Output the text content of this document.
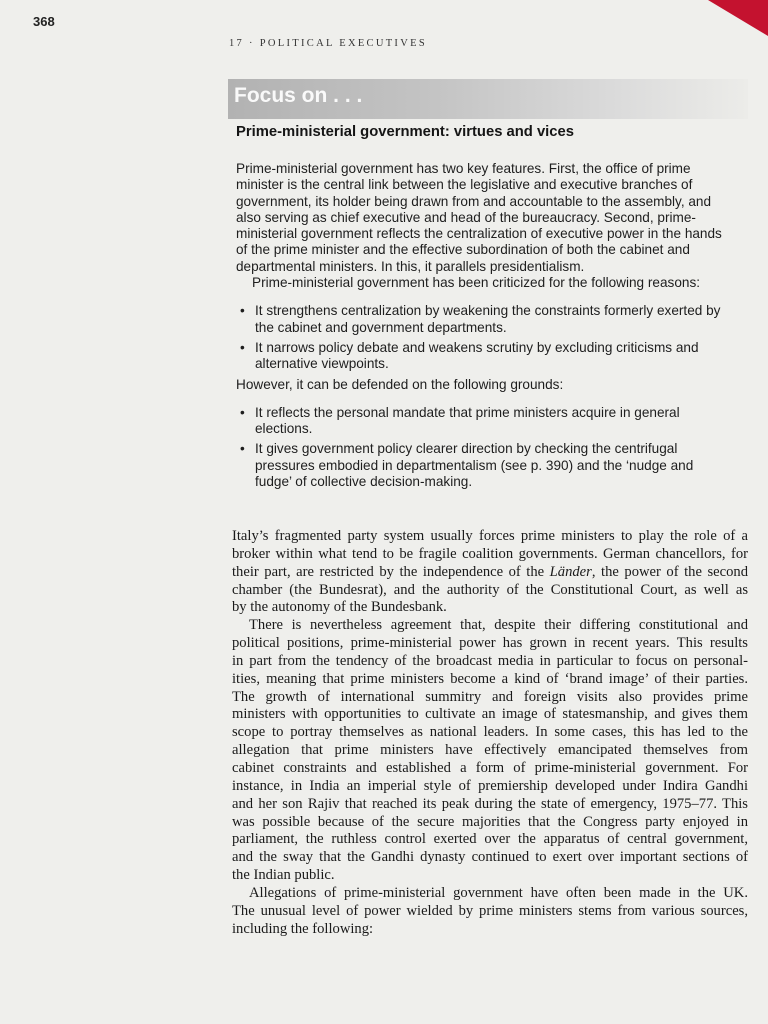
368
17 · POLITICAL EXECUTIVES
Focus on . . .
Prime-ministerial government: virtues and vices
Prime-ministerial government has two key features. First, the office of prime
minister is the central link between the legislative and executive branches of
government, its holder being drawn from and accountable to the assembly, and
also serving as chief executive and head of the bureaucracy. Second, prime-
ministerial government reflects the centralization of executive power in the hands
of the prime minister and the effective subordination of both the cabinet and
departmental ministers. In this, it parallels presidentialism.
Prime-ministerial government has been criticized for the following reasons:
• It strengthens centralization by weakening the constraints formerly exerted by
the cabinet and government departments.
• It narrows policy debate and weakens scrutiny by excluding criticisms and
alternative viewpoints.
However, it can be defended on the following grounds:
• It reflects the personal mandate that prime ministers acquire in general
elections.
• It gives government policy clearer direction by checking the centrifugal
pressures embodied in departmentalism (see p. 390) and the ‘nudge and
fudge’ of collective decision-making.
Italy’s fragmented party system usually forces prime ministers to play the role of a
broker within what tend to be fragile coalition governments. German chancellors, for
their part, are restricted by the independence of the Länder, the power of the second
chamber (the Bundesrat), and the authority of the Constitutional Court, as well as
by the autonomy of the Bundesbank.
There is nevertheless agreement that, despite their differing constitutional and
political positions, prime-ministerial power has grown in recent years. This results
in part from the tendency of the broadcast media in particular to focus on personal-
ities, meaning that prime ministers become a kind of ‘brand image’ of their parties.
The growth of international summitry and foreign visits also provides prime
ministers with opportunities to cultivate an image of statesmanship, and gives them
scope to portray themselves as national leaders. In some cases, this has led to the
allegation that prime ministers have effectively emancipated themselves from
cabinet constraints and established a form of prime-ministerial government. For
instance, in India an imperial style of premiership developed under Indira Gandhi
and her son Rajiv that reached its peak during the state of emergency, 1975–77. This
was possible because of the secure majorities that the Congress party enjoyed in
parliament, the ruthless control exerted over the apparatus of central government,
and the sway that the Gandhi dynasty continued to exert over important sections of
the Indian public.
Allegations of prime-ministerial government have often been made in the UK.
The unusual level of power wielded by prime ministers stems from various sources,
including the following:
